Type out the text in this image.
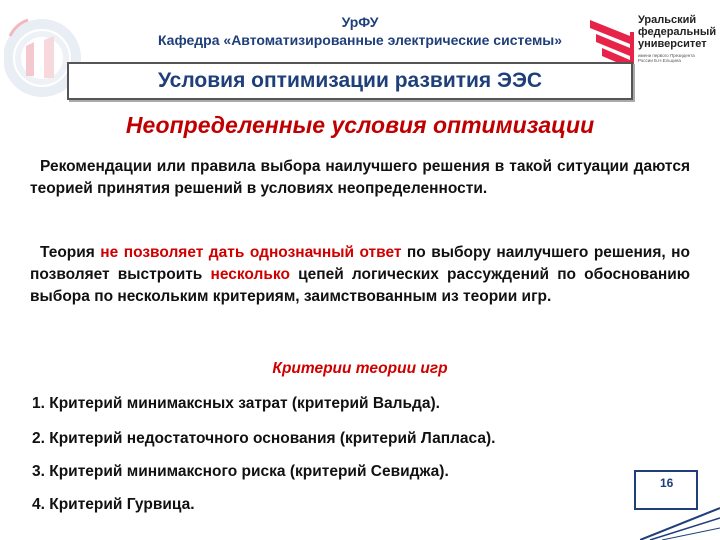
УрФУ
Кафедра «Автоматизированные электрические системы»
Уральский федеральный университет
имени первого Президента России Б.Н.Ельцина
Условия оптимизации развития ЭЭС
Неопределенные условия оптимизации
Рекомендации или правила выбора наилучшего решения в такой ситуации даются теорией принятия решений в условиях неопределенности.
Теория не позволяет дать однозначный ответ по выбору наилучшего решения, но позволяет выстроить несколько цепей логических рассуждений по обоснованию выбора по нескольким критериям, заимствованным из теории игр.
Критерии теории игр
1. Критерий минимаксных затрат (критерий Вальда).
2. Критерий недостаточного основания (критерий Лапласа).
3. Критерий минимаксного риска (критерий Севиджа).
4. Критерий Гурвица.
16
